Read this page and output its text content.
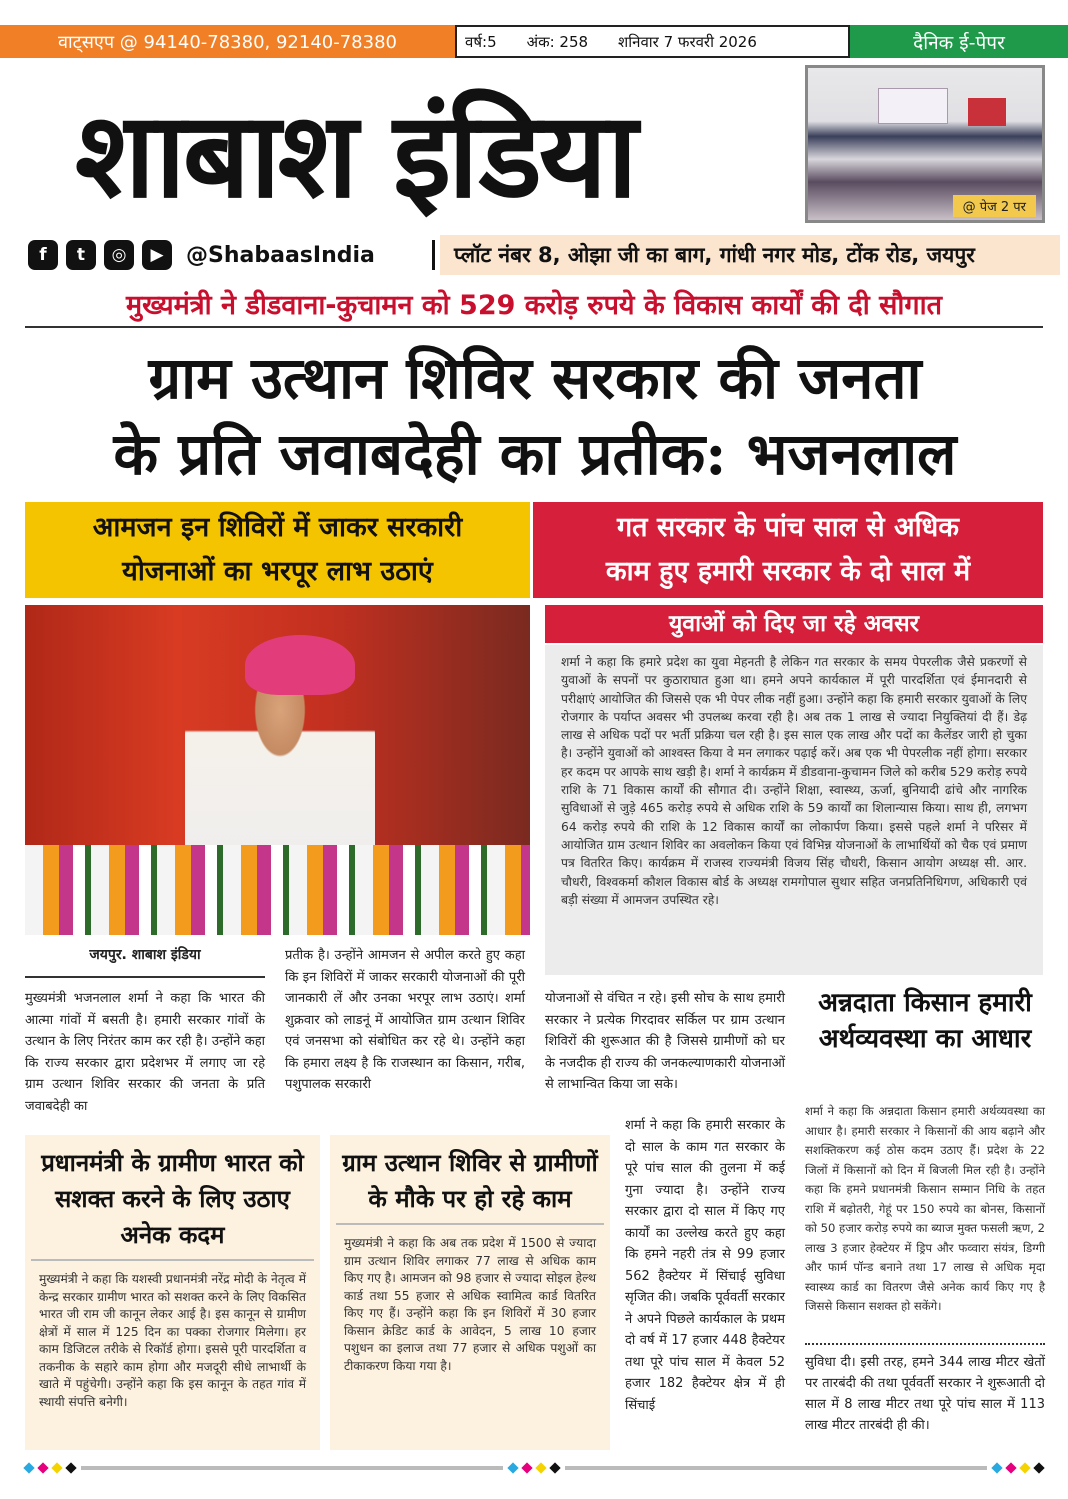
वाट्सएप @ 94140-78380, 92140-78380	वर्ष:5 अंक: 258 शनिवार 7 फरवरी 2026	दैनिक ई-पेपर
शाबाश इंडिया	@ पेज 2 पर
f	t	◎	▶	@ShabaasIndia	प्लॉट नंबर 8, ओझा जी का बाग, गांधी नगर मोड, टोंक रोड, जयपुर
मुख्यमंत्री ने डीडवाना-कुचामन को 529 करोड़ रुपये के विकास कार्यों की दी सौगात
ग्राम उत्थान शिविर सरकार की जनता
के प्रति जवाबदेही का प्रतीक: भजनलाल
आमजन इन शिविरों में जाकर सरकारी
योजनाओं का भरपूर लाभ उठाएं
गत सरकार के पांच साल से अधिक
काम हुए हमारी सरकार के दो साल में
युवाओं को दिए जा रहे अवसर
शर्मा ने कहा कि हमारे प्रदेश का युवा मेहनती है लेकिन गत सरकार के समय पेपरलीक जैसे प्रकरणों से युवाओं के सपनों पर कुठाराघात हुआ था। हमने अपने कार्यकाल में पूरी पारदर्शिता एवं ईमानदारी से परीक्षाएं आयोजित की जिससे एक भी पेपर लीक नहीं हुआ। उन्होंने कहा कि हमारी सरकार युवाओं के लिए रोजगार के पर्याप्त अवसर भी उपलब्ध करवा रही है। अब तक 1 लाख से ज्यादा नियुक्तियां दी हैं। डेढ़ लाख से अधिक पदों पर भर्ती प्रक्रिया चल रही है। इस साल एक लाख और पदों का कैलेंडर जारी हो चुका है। उन्होंने युवाओं को आश्वस्त किया वे मन लगाकर पढ़ाई करें। अब एक भी पेपरलीक नहीं होगा। सरकार हर कदम पर आपके साथ खड़ी है। शर्मा ने कार्यक्रम में डीडवाना-कुचामन जिले को करीब 529 करोड़ रुपये राशि के 71 विकास कार्यों की सौगात दी। उन्होंने शिक्षा, स्वास्थ्य, ऊर्जा, बुनियादी ढांचे और नागरिक सुविधाओं से जुड़े 465 करोड़ रुपये से अधिक राशि के 59 कार्यों का शिलान्यास किया। साथ ही, लगभग 64 करोड़ रुपये की राशि के 12 विकास कार्यों का लोकार्पण किया। इससे पहले शर्मा ने परिसर में आयोजित ग्राम उत्थान शिविर का अवलोकन किया एवं विभिन्न योजनाओं के लाभार्थियों को चैक एवं प्रमाण पत्र वितरित किए। कार्यक्रम में राजस्व राज्यमंत्री विजय सिंह चौधरी, किसान आयोग अध्यक्ष सी. आर. चौधरी, विश्वकर्मा कौशल विकास बोर्ड के अध्यक्ष रामगोपाल सुथार सहित जनप्रतिनिधिगण, अधिकारी एवं बड़ी संख्या में आमजन उपस्थित रहे।
जयपुर. शाबाश इंडिया
मुख्यमंत्री भजनलाल शर्मा ने कहा कि भारत की आत्मा गांवों में बसती है। हमारी सरकार गांवों के उत्थान के लिए निरंतर काम कर रही है। उन्होंने कहा कि राज्य सरकार द्वारा प्रदेशभर में लगाए जा रहे ग्राम उत्थान शिविर सरकार की जनता के प्रति जवाबदेही का
प्रतीक है। उन्होंने आमजन से अपील करते हुए कहा कि इन शिविरों में जाकर सरकारी योजनाओं की पूरी जानकारी लें और उनका भरपूर लाभ उठाएं। शर्मा शुक्रवार को लाडनूं में आयोजित ग्राम उत्थान शिविर एवं जनसभा को संबोधित कर रहे थे। उन्होंने कहा कि हमारा लक्ष्य है कि राजस्थान का किसान, गरीब, पशुपालक सरकारी
योजनाओं से वंचित न रहे। इसी सोच के साथ हमारी सरकार ने प्रत्येक गिरदावर सर्किल पर ग्राम उत्थान शिविरों की शुरूआत की है जिससे ग्रामीणों को घर के नजदीक ही राज्य की जनकल्याणकारी योजनाओं से लाभान्वित किया जा सके।
शर्मा ने कहा कि हमारी सरकार के दो साल के काम गत सरकार के पूरे पांच साल की तुलना में कई गुना ज्यादा है। उन्होंने राज्य सरकार द्वारा दो साल में किए गए कार्यों का उल्लेख करते हुए कहा कि हमने नहरी तंत्र से 99 हजार 562 हैक्टेयर में सिंचाई सुविधा सृजित की। जबकि पूर्ववर्ती सरकार ने अपने पिछले कार्यकाल के प्रथम दो वर्ष में 17 हजार 448 हैक्टेयर तथा पूरे पांच साल में केवल 52 हजार 182 हैक्टेयर क्षेत्र में ही सिंचाई
अन्नदाता किसान हमारी अर्थव्यवस्था का आधार
शर्मा ने कहा कि अन्नदाता किसान हमारी अर्थव्यवस्था का आधार है। हमारी सरकार ने किसानों की आय बढ़ाने और सशक्तिकरण कई ठोस कदम उठाए हैं। प्रदेश के 22 जिलों में किसानों को दिन में बिजली मिल रही है। उन्होंने कहा कि हमने प्रधानमंत्री किसान सम्मान निधि के तहत राशि में बढ़ोतरी, गेहूं पर 150 रुपये का बोनस, किसानों को 50 हजार करोड़ रुपये का ब्याज मुक्त फसली ऋण, 2 लाख 3 हजार हेक्टेयर में ड्रिप और फव्वारा संयंत्र, डिग्गी और फार्म पॉन्ड बनाने तथा 17 लाख से अधिक मृदा स्वास्थ्य कार्ड का वितरण जैसे अनेक कार्य किए गए है जिससे किसान सशक्त हो सकेंगे।
सुविधा दी। इसी तरह, हमने 344 लाख मीटर खेतों पर तारबंदी की तथा पूर्ववर्ती सरकार ने शुरूआती दो साल में 8 लाख मीटर तथा पूरे पांच साल में 113 लाख मीटर तारबंदी ही की।
प्रधानमंत्री के ग्रामीण भारत को सशक्त करने के लिए उठाए अनेक कदम

मुख्यमंत्री ने कहा कि यशस्वी प्रधानमंत्री नरेंद्र मोदी के नेतृत्व में केन्द्र सरकार ग्रामीण भारत को सशक्त करने के लिए विकसित भारत जी राम जी कानून लेकर आई है। इस कानून से ग्रामीण क्षेत्रों में साल में 125 दिन का पक्का रोजगार मिलेगा। हर काम डिजिटल तरीके से रिकॉर्ड होगा। इससे पूरी पारदर्शिता व तकनीक के सहारे काम होगा और मजदूरी सीधे लाभार्थी के खाते में पहुंचेगी। उन्होंने कहा कि इस कानून के तहत गांव में स्थायी संपत्ति बनेगी।

ग्राम उत्थान शिविर से ग्रामीणों के मौके पर हो रहे काम

मुख्यमंत्री ने कहा कि अब तक प्रदेश में 1500 से ज्यादा ग्राम उत्थान शिविर लगाकर 77 लाख से अधिक काम किए गए है। आमजन को 98 हजार से ज्यादा सोइल हेल्थ कार्ड तथा 55 हजार से अधिक स्वामित्व कार्ड वितरित किए गए हैं। उन्होंने कहा कि इन शिविरों में 30 हजार किसान क्रेडिट कार्ड के आवेदन, 5 लाख 10 हजार पशुधन का इलाज तथा 77 हजार से अधिक पशुओं का टीकाकरण किया गया है।
